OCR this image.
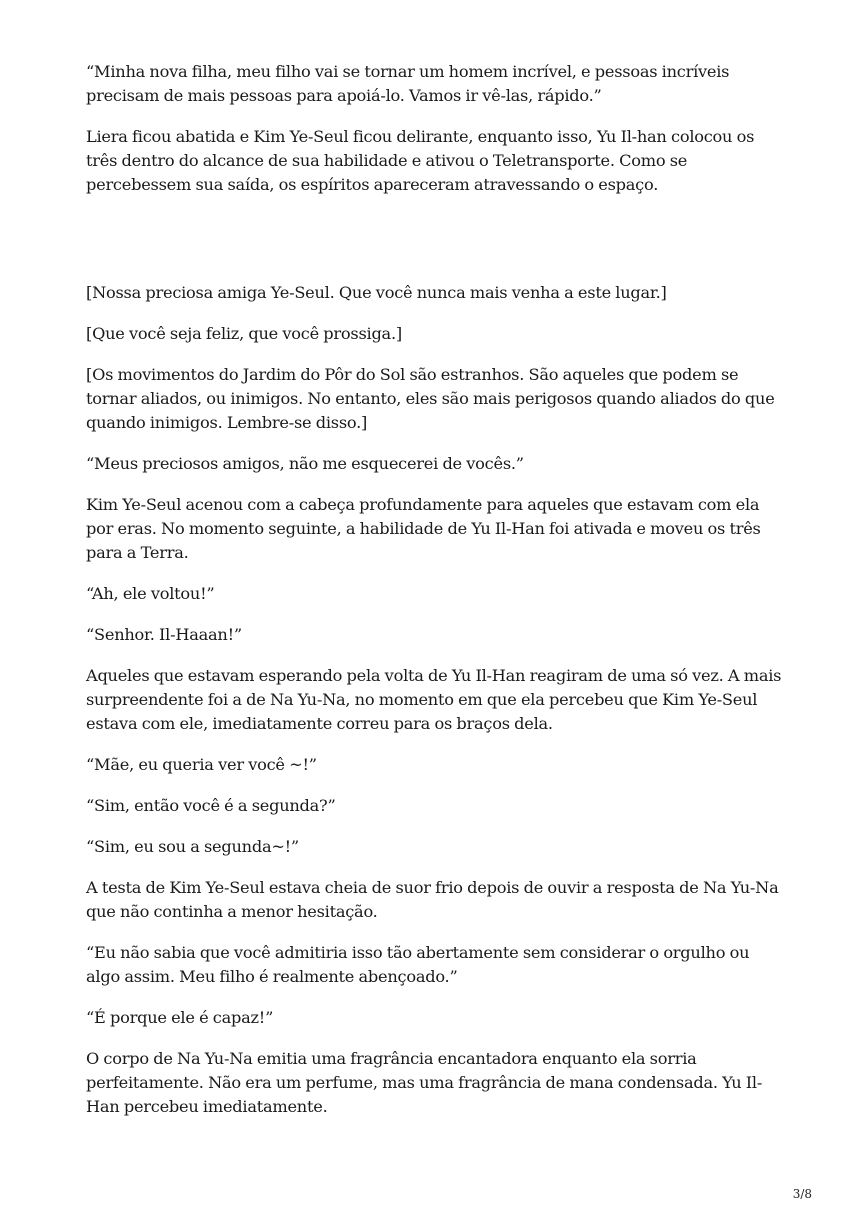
“Minha nova filha, meu filho vai se tornar um homem incrível, e pessoas incríveis precisam de mais pessoas para apoiá-lo. Vamos ir vê-las, rápido.”

Liera ficou abatida e Kim Ye-Seul ficou delirante, enquanto isso, Yu Il-han colocou os três dentro do alcance de sua habilidade e ativou o Teletransporte. Como se percebessem sua saída, os espíritos apareceram atravessando o espaço.

[Nossa preciosa amiga Ye-Seul. Que você nunca mais venha a este lugar.]

[Que você seja feliz, que você prossiga.]

[Os movimentos do Jardim do Pôr do Sol são estranhos. São aqueles que podem se tornar aliados, ou inimigos. No entanto, eles são mais perigosos quando aliados do que quando inimigos. Lembre-se disso.]

“Meus preciosos amigos, não me esquecerei de vocês.”

Kim Ye-Seul acenou com a cabeça profundamente para aqueles que estavam com ela por eras. No momento seguinte, a habilidade de Yu Il-Han foi ativada e moveu os três para a Terra.

“Ah, ele voltou!”

“Senhor. Il-Haaan!”

Aqueles que estavam esperando pela volta de Yu Il-Han reagiram de uma só vez. A mais surpreendente foi a de Na Yu-Na, no momento em que ela percebeu que Kim Ye-Seul estava com ele, imediatamente correu para os braços dela.

“Mãe, eu queria ver você ~!”

“Sim, então você é a segunda?”

“Sim, eu sou a segunda~!”

A testa de Kim Ye-Seul estava cheia de suor frio depois de ouvir a resposta de Na Yu-Na que não continha a menor hesitação.

“Eu não sabia que você admitiria isso tão abertamente sem considerar o orgulho ou algo assim. Meu filho é realmente abençoado.”

“É porque ele é capaz!”

O corpo de Na Yu-Na emitia uma fragrância encantadora enquanto ela sorria perfeitamente. Não era um perfume, mas uma fragrância de mana condensada. Yu Il-Han percebeu imediatamente.

3/8
